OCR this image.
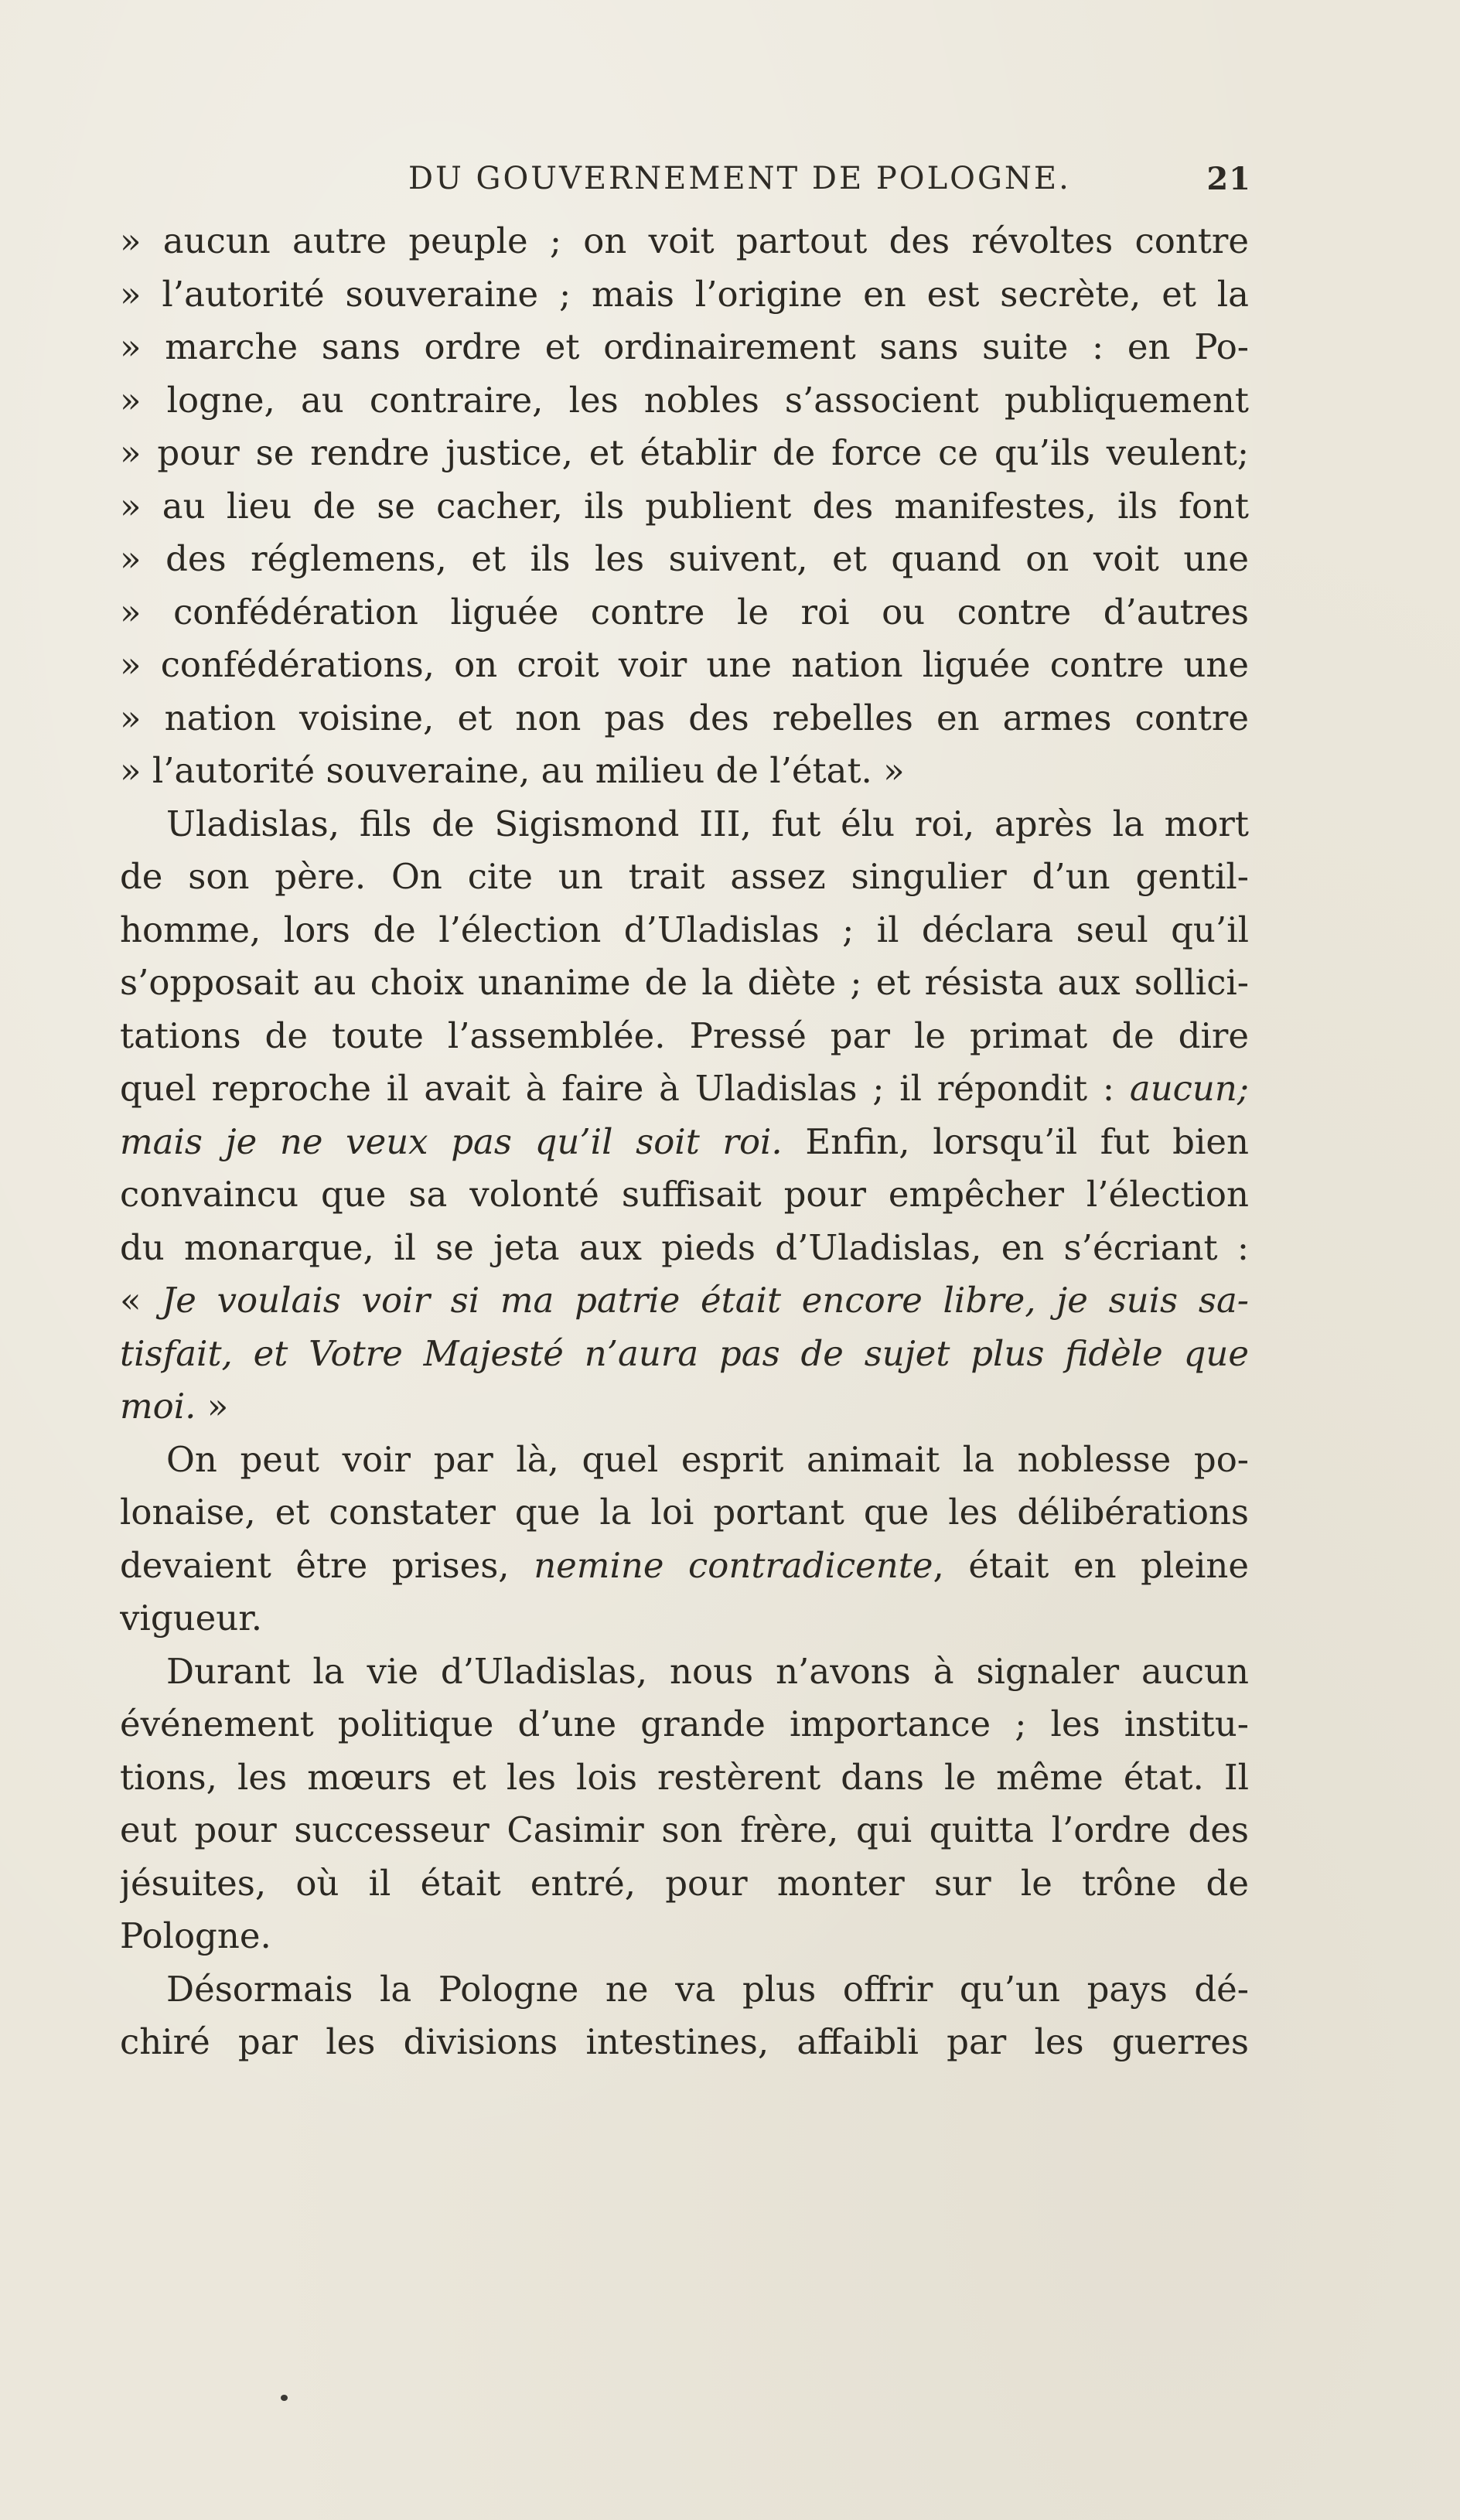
DU GOUVERNEMENT DE POLOGNE.	21
» aucun autre peuple ; on voit partout des révoltes contre
» l’autorité souveraine ; mais l’origine en est secrète, et la
» marche sans ordre et ordinairement sans suite : en Po-
» logne, au contraire, les nobles s’associent publiquement
» pour se rendre justice, et établir de force ce qu’ils veulent;
» au lieu de se cacher, ils publient des manifestes, ils font
» des réglemens, et ils les suivent, et quand on voit une
» confédération liguée contre le roi ou contre d’autres
» confédérations, on croit voir une nation liguée contre une
» nation voisine, et non pas des rebelles en armes contre
» l’autorité souveraine, au milieu de l’état. »
Uladislas, fils de Sigismond III, fut élu roi, après la mort
de son père. On cite un trait assez singulier d’un gentil-
homme, lors de l’élection d’Uladislas ; il déclara seul qu’il
s’opposait au choix unanime de la diète ; et résista aux sollici-
tations de toute l’assemblée. Pressé par le primat de dire
quel reproche il avait à faire à Uladislas ; il répondit : aucun;
mais je ne veux pas qu’il soit roi. Enfin, lorsqu’il fut bien
convaincu que sa volonté suffisait pour empêcher l’élection
du monarque, il se jeta aux pieds d’Uladislas, en s’écriant :
« Je voulais voir si ma patrie était encore libre, je suis sa-
tisfait, et Votre Majesté n’aura pas de sujet plus fidèle que
moi. »
On peut voir par là, quel esprit animait la noblesse po-
lonaise, et constater que la loi portant que les délibérations
devaient être prises, nemine contradicente, était en pleine
vigueur.
Durant la vie d’Uladislas, nous n’avons à signaler aucun
événement politique d’une grande importance ; les institu-
tions, les mœurs et les lois restèrent dans le même état. Il
eut pour successeur Casimir son frère, qui quitta l’ordre des
jésuites, où il était entré, pour monter sur le trône de
Pologne.
Désormais la Pologne ne va plus offrir qu’un pays dé-
chiré par les divisions intestines, affaibli par les guerres
